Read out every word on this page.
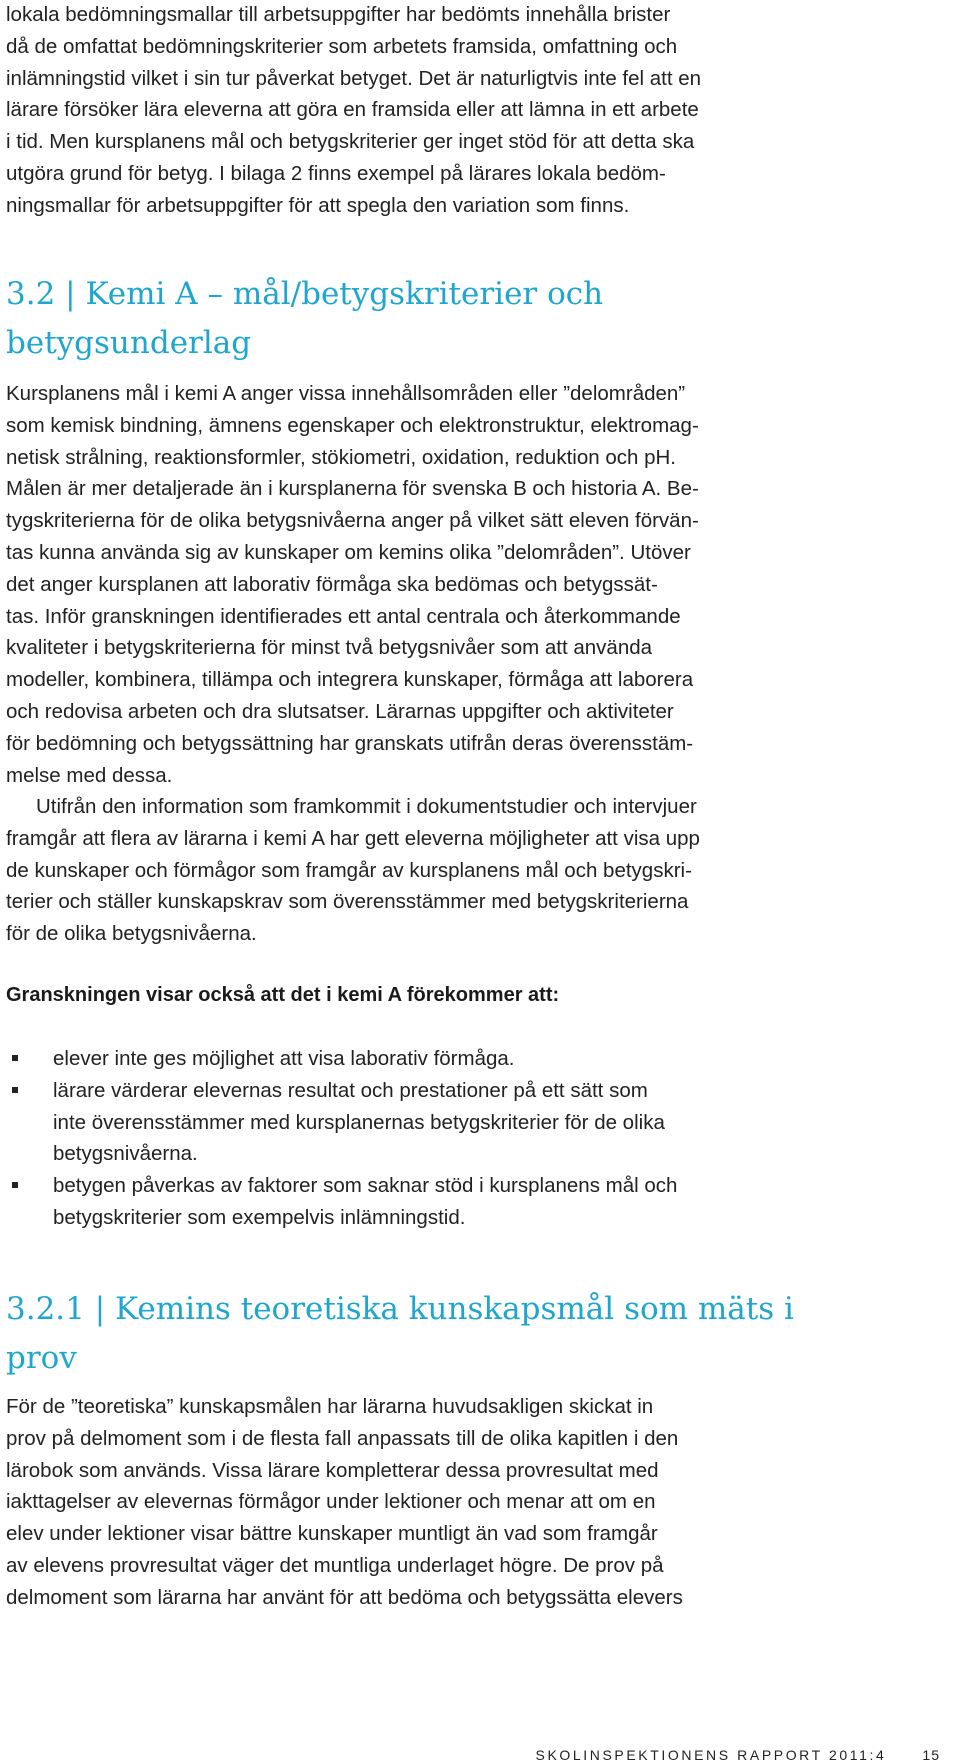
lokala bedömningsmallar till arbetsuppgifter har bedömts innehålla brister
då de omfattat bedömningskriterier som arbetets framsida, omfattning och
inlämningstid vilket i sin tur påverkat betyget. Det är naturligtvis inte fel att en
lärare försöker lära eleverna att göra en framsida eller att lämna in ett arbete
i tid. Men kursplanens mål och betygskriterier ger inget stöd för att detta ska
utgöra grund för betyg. I bilaga 2 finns exempel på lärares lokala bedöm-
ningsmallar för arbetsuppgifter för att spegla den variation som finns.
3.2 | Kemi A – mål/betygskriterier och
betygsunderlag
Kursplanens mål i kemi A anger vissa innehållsområden eller ”delområden”
som kemisk bindning, ämnens egenskaper och elektronstruktur, elektromag-
netisk strålning, reaktionsformler, stökiometri, oxidation, reduktion och pH.
Målen är mer detaljerade än i kursplanerna för svenska B och historia A. Be-
tygskriterierna för de olika betygsnivåerna anger på vilket sätt eleven förvän-
tas kunna använda sig av kunskaper om kemins olika ”delområden”. Utöver
det anger kursplanen att laborativ förmåga ska bedömas och betygssät-
tas. Inför granskningen identifierades ett antal centrala och återkommande
kvaliteter i betygskriterierna för minst två betygsnivåer som att använda
modeller, kombinera, tillämpa och integrera kunskaper, förmåga att laborera
och redovisa arbeten och dra slutsatser. Lärarnas uppgifter och aktiviteter
för bedömning och betygssättning har granskats utifrån deras överensstäm-
melse med dessa.
Utifrån den information som framkommit i dokumentstudier och intervjuer
framgår att flera av lärarna i kemi A har gett eleverna möjligheter att visa upp
de kunskaper och förmågor som framgår av kursplanens mål och betygskri-
terier och ställer kunskapskrav som överensstämmer med betygskriterierna
för de olika betygsnivåerna.

Granskningen visar också att det i kemi A förekommer att:

elever inte ges möjlighet att visa laborativ förmåga.
lärare värderar elevernas resultat och prestationer på ett sätt som
inte överensstämmer med kursplanernas betygskriterier för de olika
betygsnivåerna.
betygen påverkas av faktorer som saknar stöd i kursplanens mål och
betygskriterier som exempelvis inlämningstid.
3.2.1 | Kemins teoretiska kunskapsmål som mäts i
prov
För de ”teoretiska” kunskapsmålen har lärarna huvudsakligen skickat in
prov på delmoment som i de flesta fall anpassats till de olika kapitlen i den
lärobok som används. Vissa lärare kompletterar dessa provresultat med
iakttagelser av elevernas förmågor under lektioner och menar att om en
elev under lektioner visar bättre kunskaper muntligt än vad som framgår
av elevens provresultat väger det muntliga underlaget högre. De prov på
delmoment som lärarna har använt för att bedöma och betygssätta elevers
SKOLINSPEKTIONENS RAPPORT 2011:4	15
